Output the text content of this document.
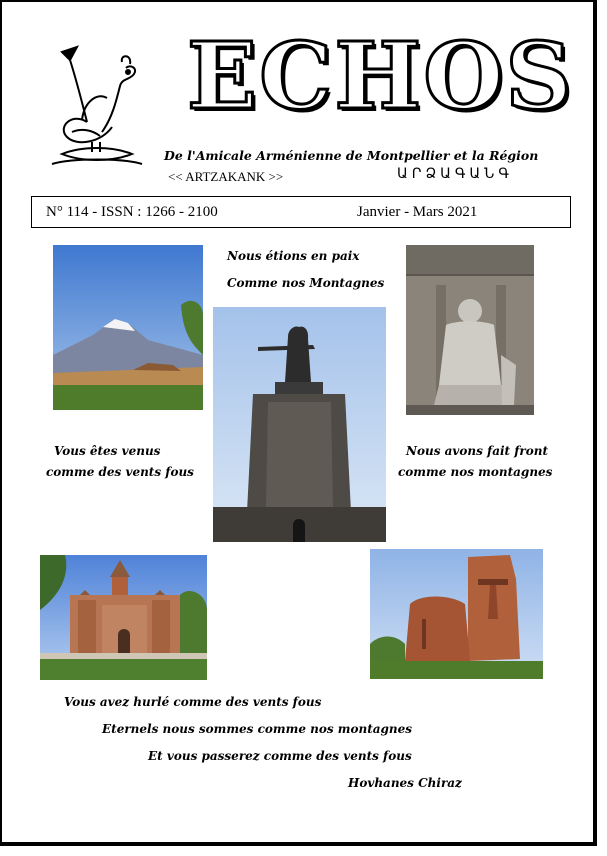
ECHOS
De l'Amicale Arménienne de Montpellier et la Région
<< ARTZAKANK >>	ԱՐՁԱԳԱՆԳ
N° 114 - ISSN : 1266 - 2100	Janvier - Mars 2021
Nous étions en paix
Comme nos Montagnes
Vous êtes venus
comme des vents fous
Nous avons fait front
comme nos montagnes
Vous avez hurlé comme des vents fous
Eternels nous sommes comme nos montagnes
Et vous passerez comme des vents fous
Hovhanes Chiraz
